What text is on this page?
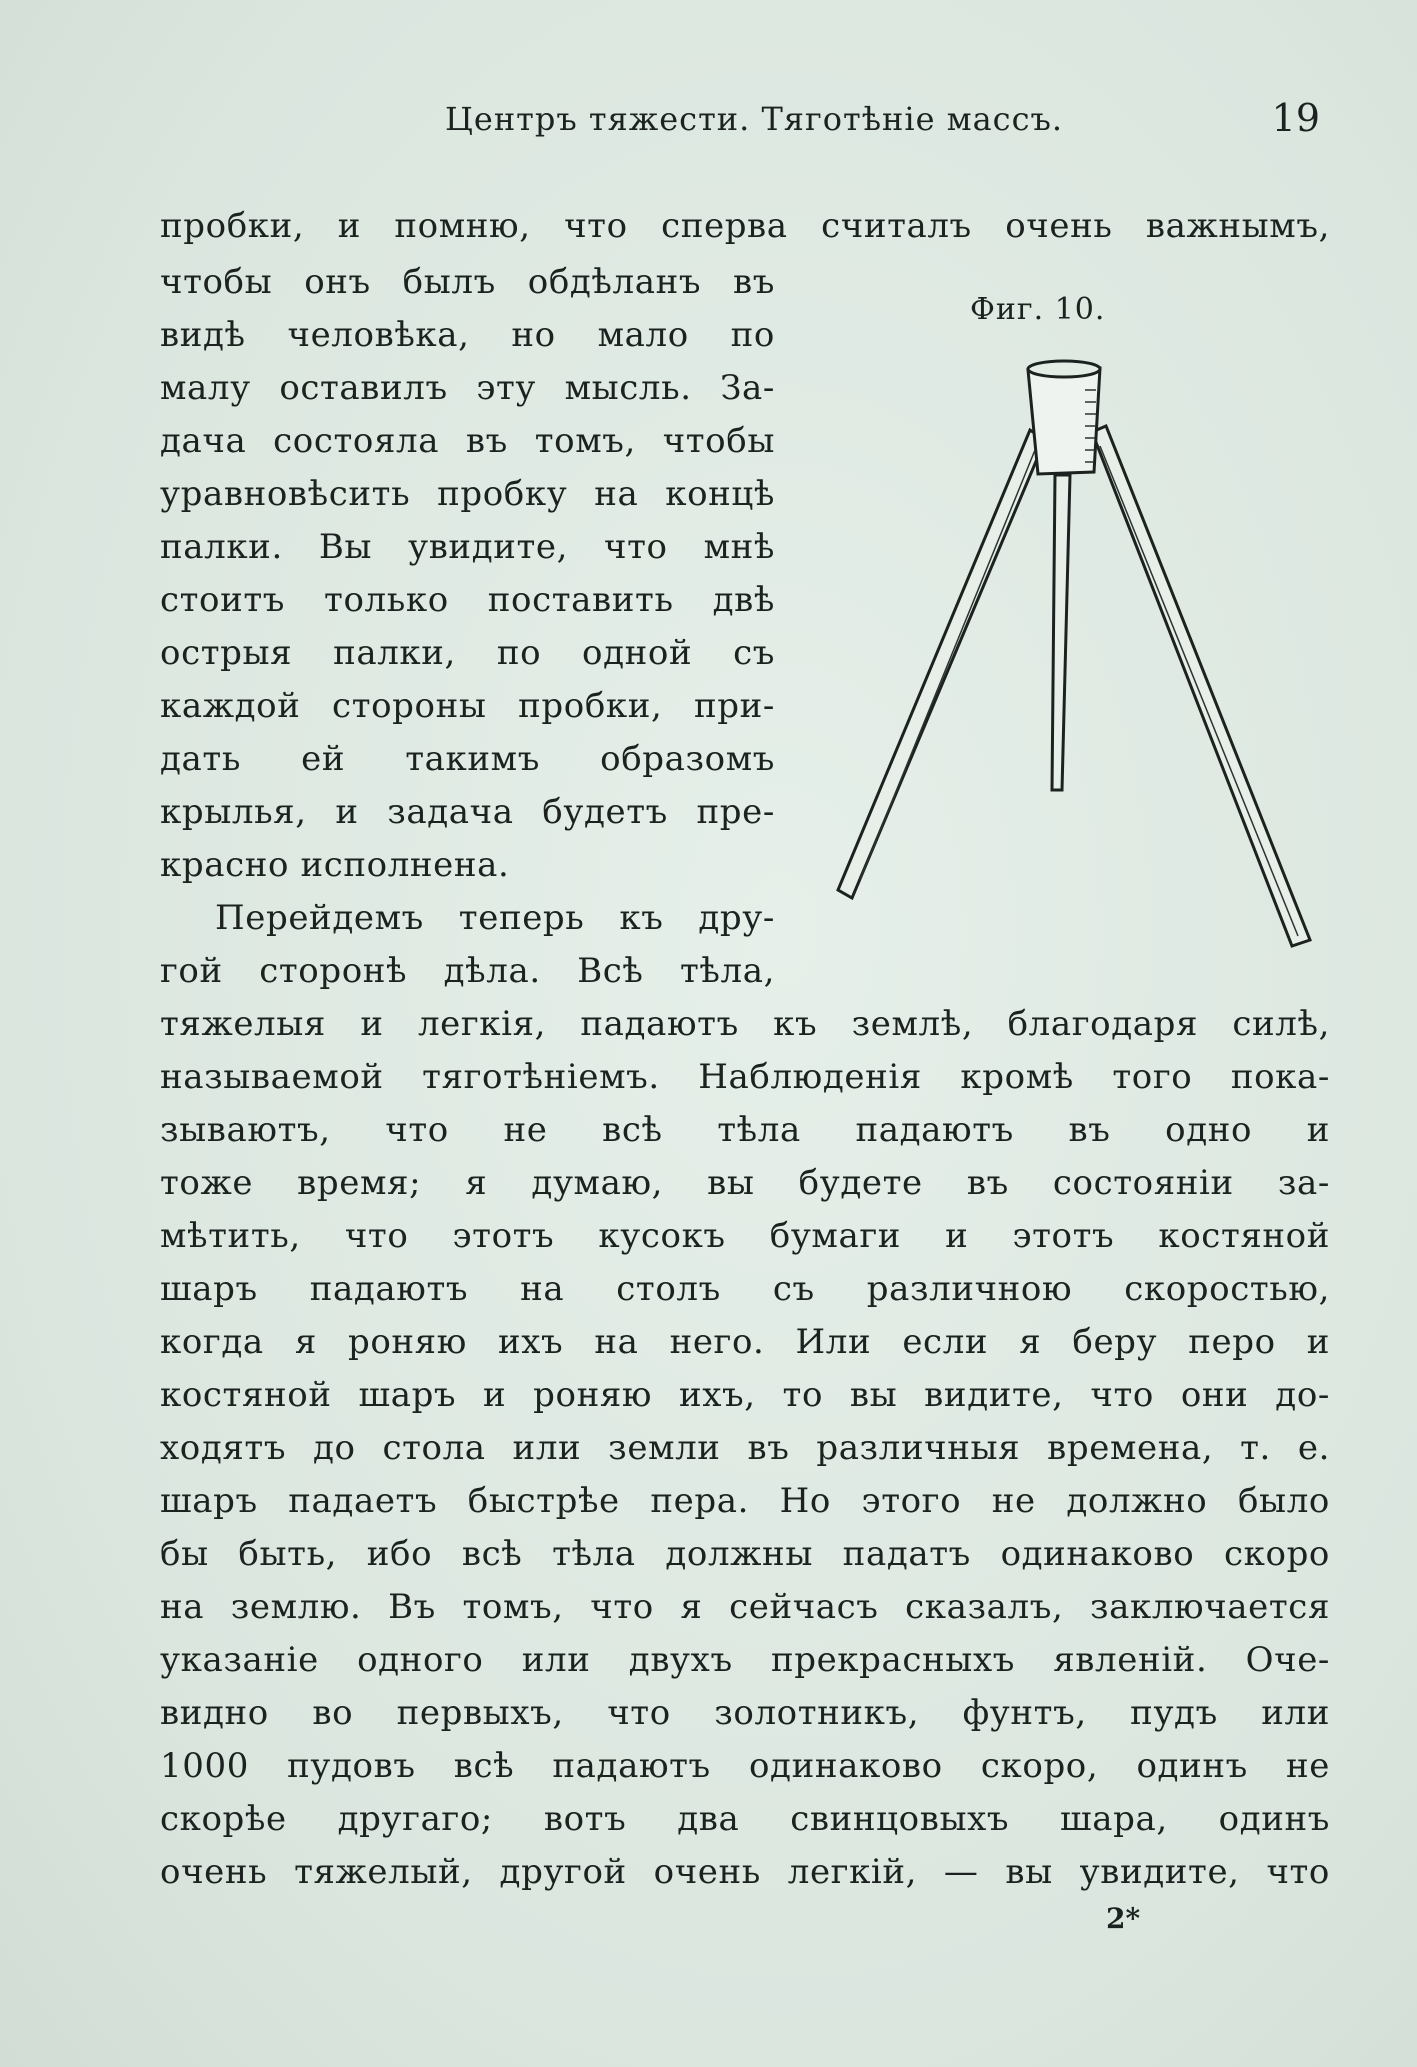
Центръ тяжести. Тяготѣніе массъ.	19
Фиг. 10.
пробки, и помню, что сперва считалъ очень важнымъ,
чтобы онъ былъ обдѣланъ въ
видѣ человѣка, но мало по
малу оставилъ эту мысль. За-
дача состояла въ томъ, чтобы
уравновѣсить пробку на концѣ
палки. Вы увидите, что мнѣ
стоитъ только поставить двѣ
острыя палки, по одной съ
каждой стороны пробки, при-
дать ей такимъ образомъ
крылья, и задача будетъ пре-
красно исполнена.
Перейдемъ теперь къ дру-
гой сторонѣ дѣла. Всѣ тѣла,
тяжелыя и легкія, падаютъ къ землѣ, благодаря силѣ,
называемой тяготѣніемъ. Наблюденія кромѣ того пока-
зываютъ, что не всѣ тѣла падаютъ въ одно и
тоже время; я думаю, вы будете въ состояніи за-
мѣтить, что этотъ кусокъ бумаги и этотъ костяной
шаръ падаютъ на столъ съ различною скоростью,
когда я роняю ихъ на него. Или если я беру перо и
костяной шаръ и роняю ихъ, то вы видите, что они до-
ходятъ до стола или земли въ различныя времена, т. е.
шаръ падаетъ быстрѣе пера. Но этого не должно было
бы быть, ибо всѣ тѣла должны падатъ одинаково скоро
на землю. Въ томъ, что я сейчасъ сказалъ, заключается
указаніе одного или двухъ прекрасныхъ явленій. Оче-
видно во первыхъ, что золотникъ, фунтъ, пудъ или
1000 пудовъ всѣ падаютъ одинаково скоро, одинъ не
скорѣе другаго; вотъ два свинцовыхъ шара, одинъ
очень тяжелый, другой очень легкій, — вы увидите, что
2*
